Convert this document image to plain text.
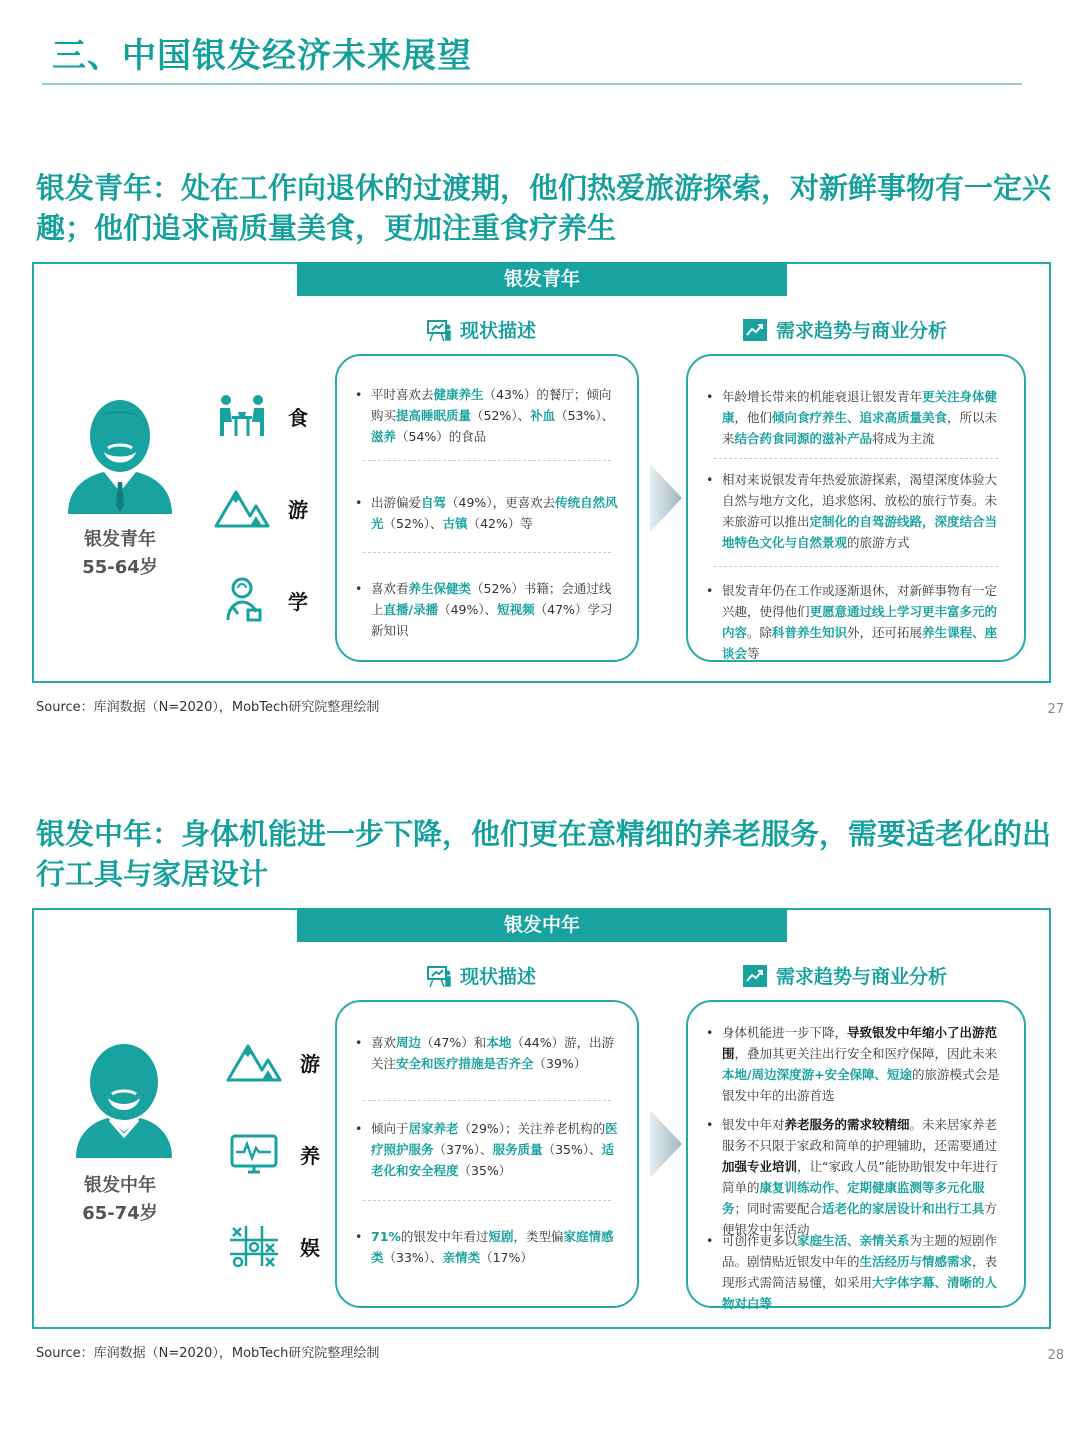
三、中国银发经济未来展望
银发青年：处在工作向退休的过渡期，他们热爱旅游探索，对新鲜事物有一定兴趣；他们追求高质量美食，更加注重食疗养生
银发青年
现状描述	需求趋势与商业分析
银发青年
55-64岁
食
游
学
• 平时喜欢去健康养生（43%）的餐厅；倾向购买提高睡眠质量（52%）、补血（53%）、滋养（54%）的食品
• 出游偏爱自驾（49%），更喜欢去传统自然风光（52%）、古镇（42%）等
• 喜欢看养生保健类（52%）书籍；会通过线上直播/录播（49%）、短视频（47%）学习新知识
• 年龄增长带来的机能衰退让银发青年更关注身体健康，他们倾向食疗养生、追求高质量美食，所以未来结合药食同源的滋补产品将成为主流
• 相对来说银发青年热爱旅游探索，渴望深度体验大自然与地方文化，追求悠闲、放松的旅行节奏。未来旅游可以推出定制化的自驾游线路，深度结合当地特色文化与自然景观的旅游方式
• 银发青年仍在工作或逐渐退休，对新鲜事物有一定兴趣，使得他们更愿意通过线上学习更丰富多元的内容。除科普养生知识外，还可拓展养生课程、座谈会等
Source：库润数据（N=2020），MobTech研究院整理绘制	27
银发中年：身体机能进一步下降，他们更在意精细的养老服务，需要适老化的出行工具与家居设计
银发中年
现状描述	需求趋势与商业分析
银发中年
65-74岁
游
养
娱
• 喜欢周边（47%）和本地（44%）游，出游关注安全和医疗措施是否齐全（39%）
• 倾向于居家养老（29%）；关注养老机构的医疗照护服务（37%）、服务质量（35%）、适老化和安全程度（35%）
• 71%的银发中年看过短剧，类型偏家庭情感类（33%）、亲情类（17%）
• 身体机能进一步下降，导致银发中年缩小了出游范围，叠加其更关注出行安全和医疗保障，因此未来本地/周边深度游+安全保障、短途的旅游模式会是银发中年的出游首选
• 银发中年对养老服务的需求较精细。未来居家养老服务不只限于家政和简单的护理辅助，还需要通过加强专业培训，让“家政人员”能协助银发中年进行简单的康复训练动作、定期健康监测等多元化服务；同时需要配合适老化的家居设计和出行工具方便银发中年活动
• 可创作更多以家庭生活、亲情关系为主题的短剧作品。剧情贴近银发中年的生活经历与情感需求，表现形式需简洁易懂，如采用大字体字幕、清晰的人物对白等
Source：库润数据（N=2020），MobTech研究院整理绘制	28
